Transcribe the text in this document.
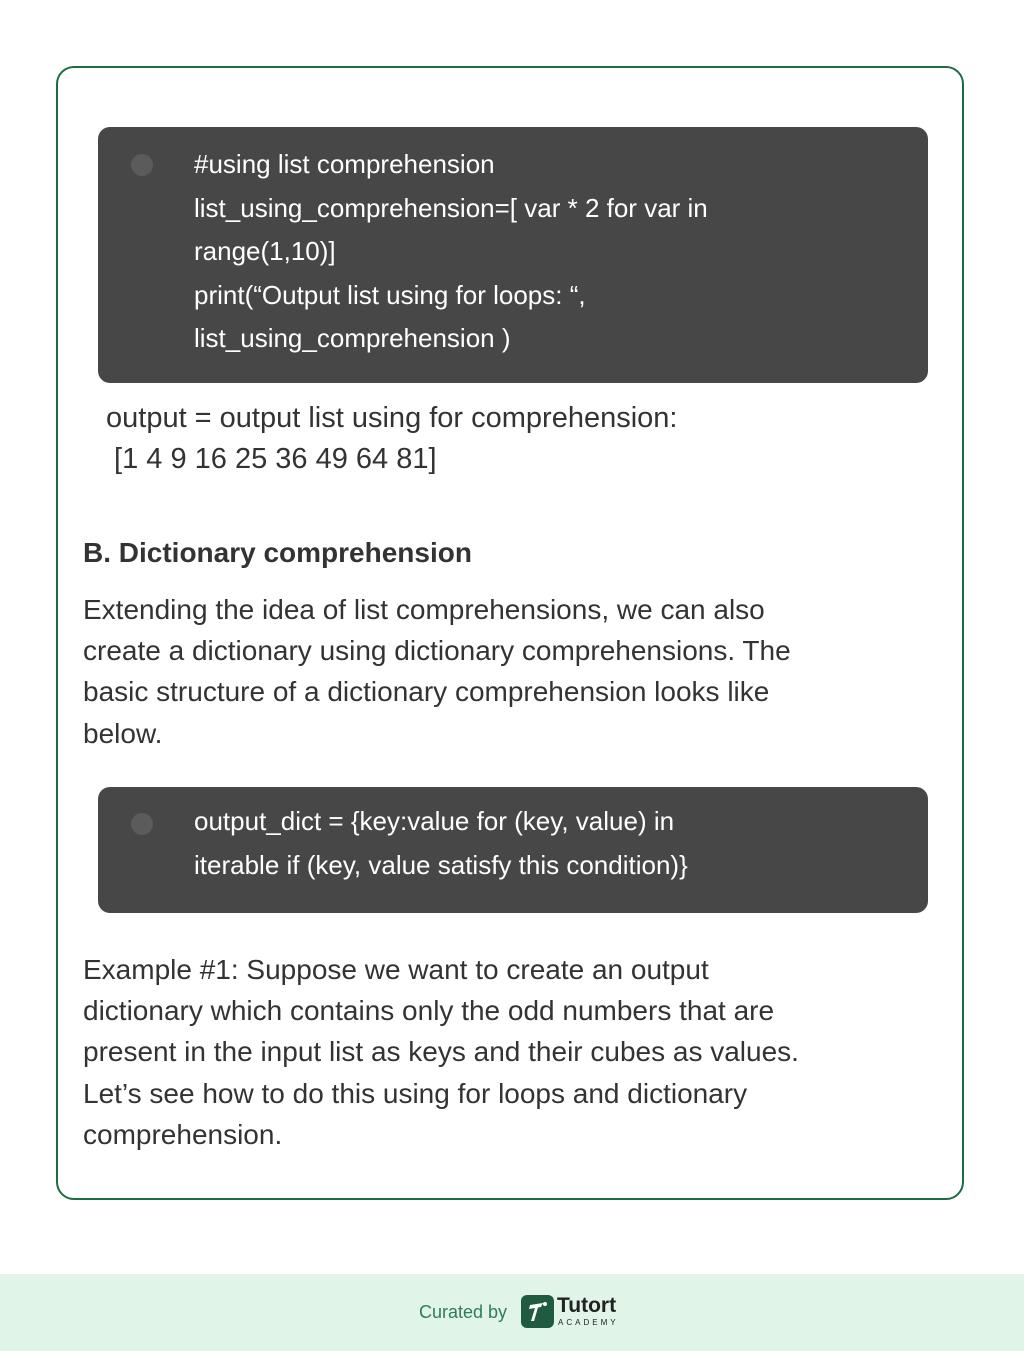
#using list comprehension
list_using_comprehension=[ var * 2 for var in
range(1,10)]
print(“Output list using for loops: “,
list_using_comprehension )
output = output list using for comprehension:
[1 4 9 16 25 36 49 64 81]
B. Dictionary comprehension
Extending the idea of list comprehensions, we can also
create a dictionary using dictionary comprehensions. The
basic structure of a dictionary comprehension looks like
below.
output_dict = {key:value for (key, value) in
iterable if (key, value satisfy this condition)}
Example #1: Suppose we want to create an output
dictionary which contains only the odd numbers that are
present in the input list as keys and their cubes as values.
Let’s see how to do this using for loops and dictionary
comprehension.
Curated by Tutort
ACADEMY
